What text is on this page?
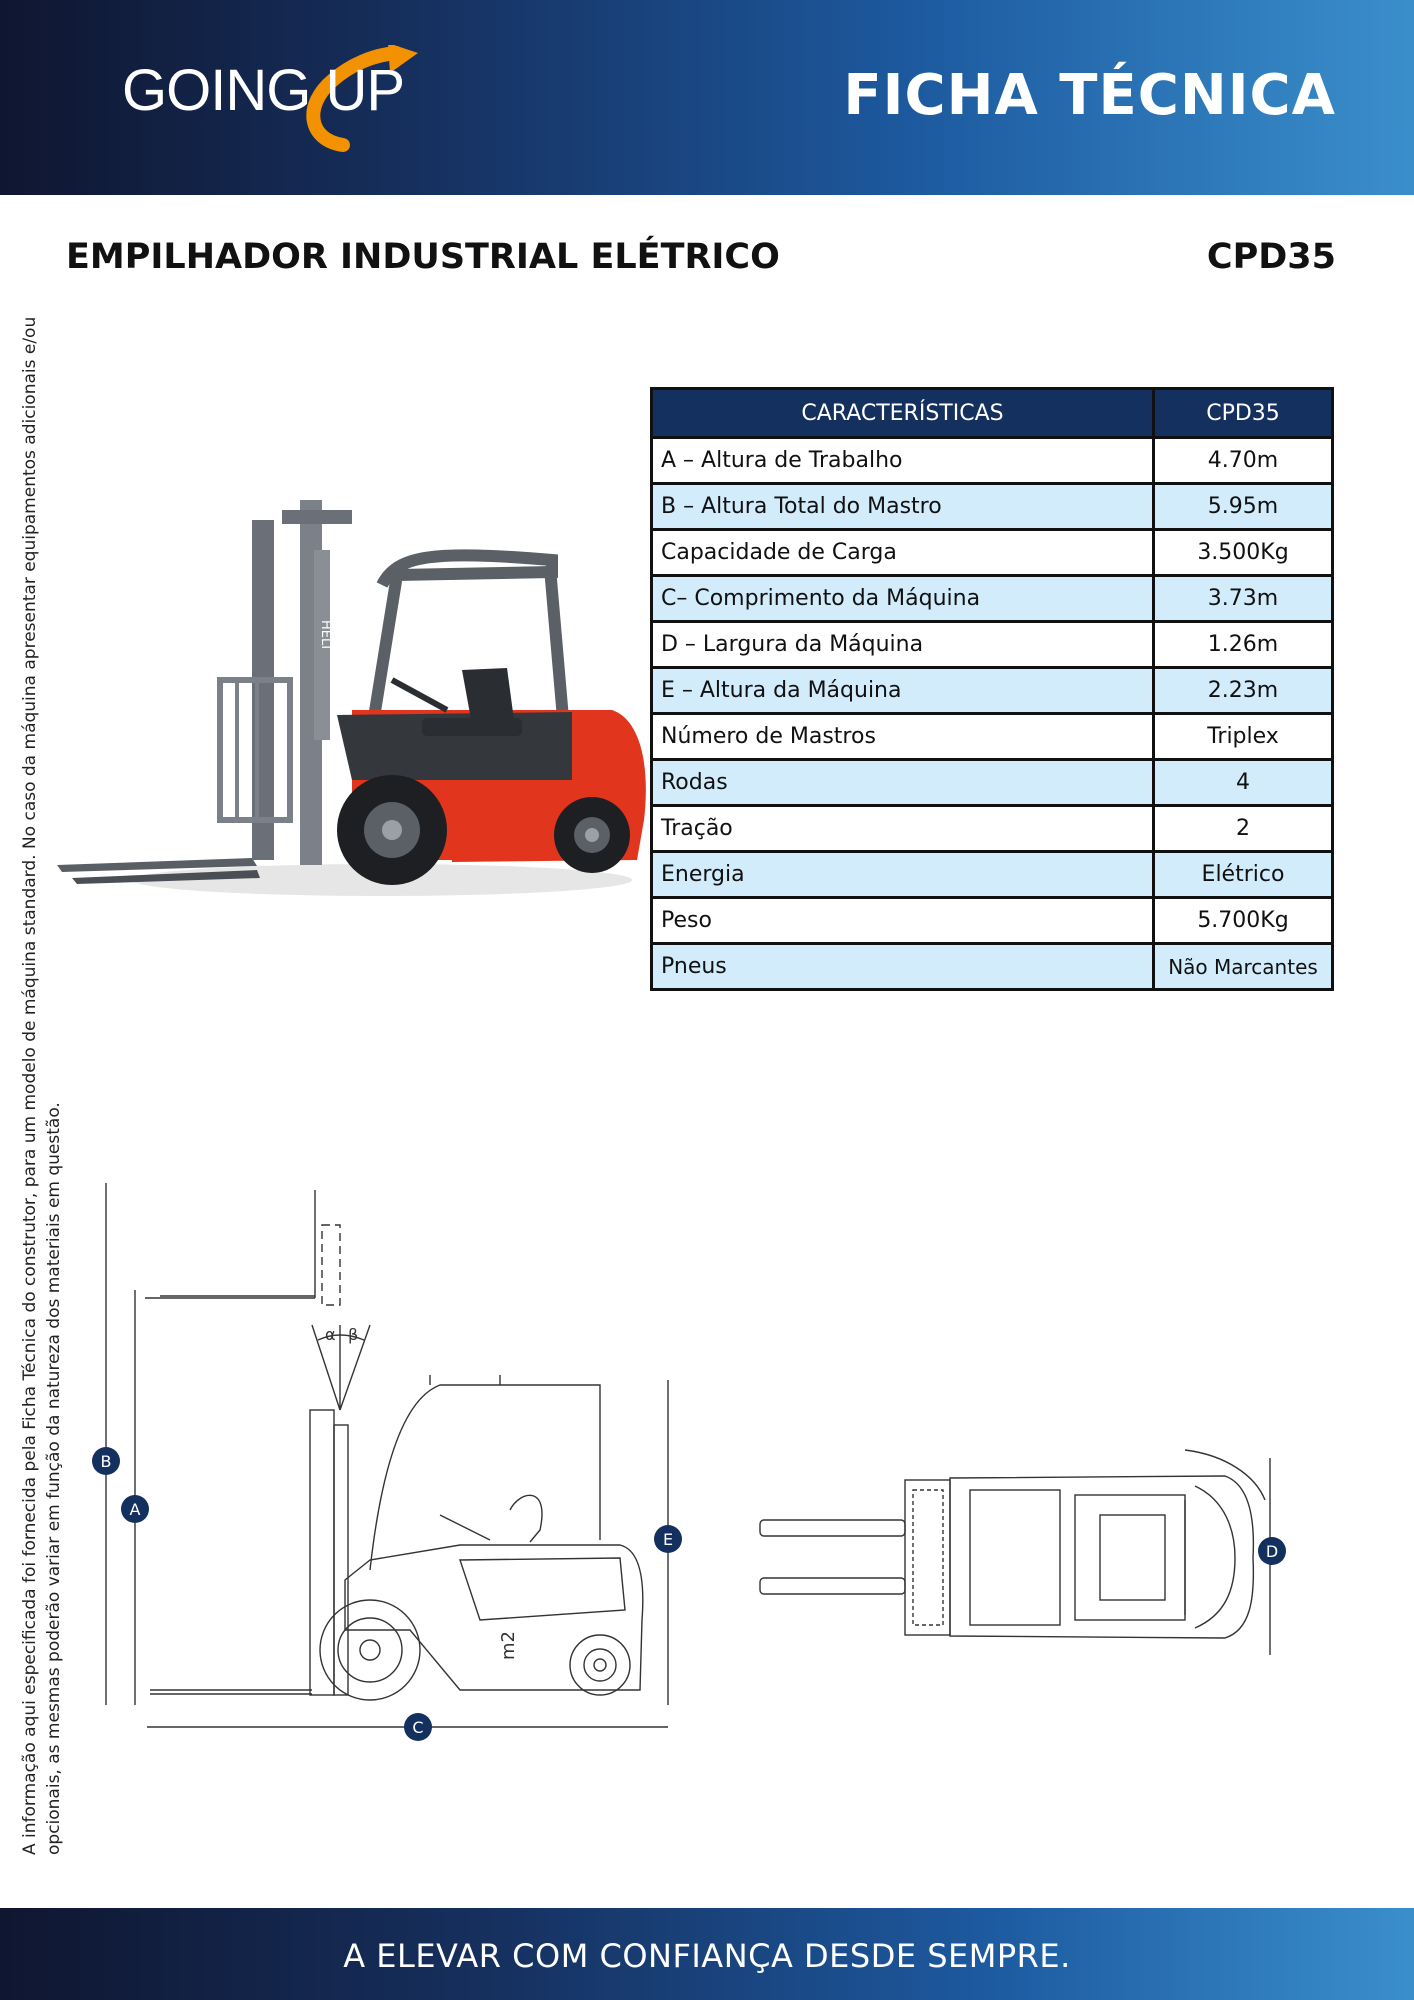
GOING UP	FICHA TÉCNICA
EMPILHADOR INDUSTRIAL ELÉTRICO	CPD35
A informação aqui especificada foi fornecida pela Ficha Técnica do construtor, para um modelo de máquina standard. No caso da máquina apresentar equipamentos adicionais e/ou opcionais, as mesmas poderão variar em função da natureza dos materiais em questão.
HELI
CARACTERÍSTICAS	CPD35
A – Altura de Trabalho	4.70m
B – Altura Total do Mastro	5.95m
Capacidade de Carga	3.500Kg
C– Comprimento da Máquina	3.73m
D – Largura da Máquina	1.26m
E – Altura da Máquina	2.23m
Número de Mastros	Triplex
Rodas	4
Tração	2
Energia	Elétrico
Peso	5.700Kg
Pneus	Não Marcantes
α β
m2
B
A
E
C
D
A ELEVAR COM CONFIANÇA DESDE SEMPRE.
